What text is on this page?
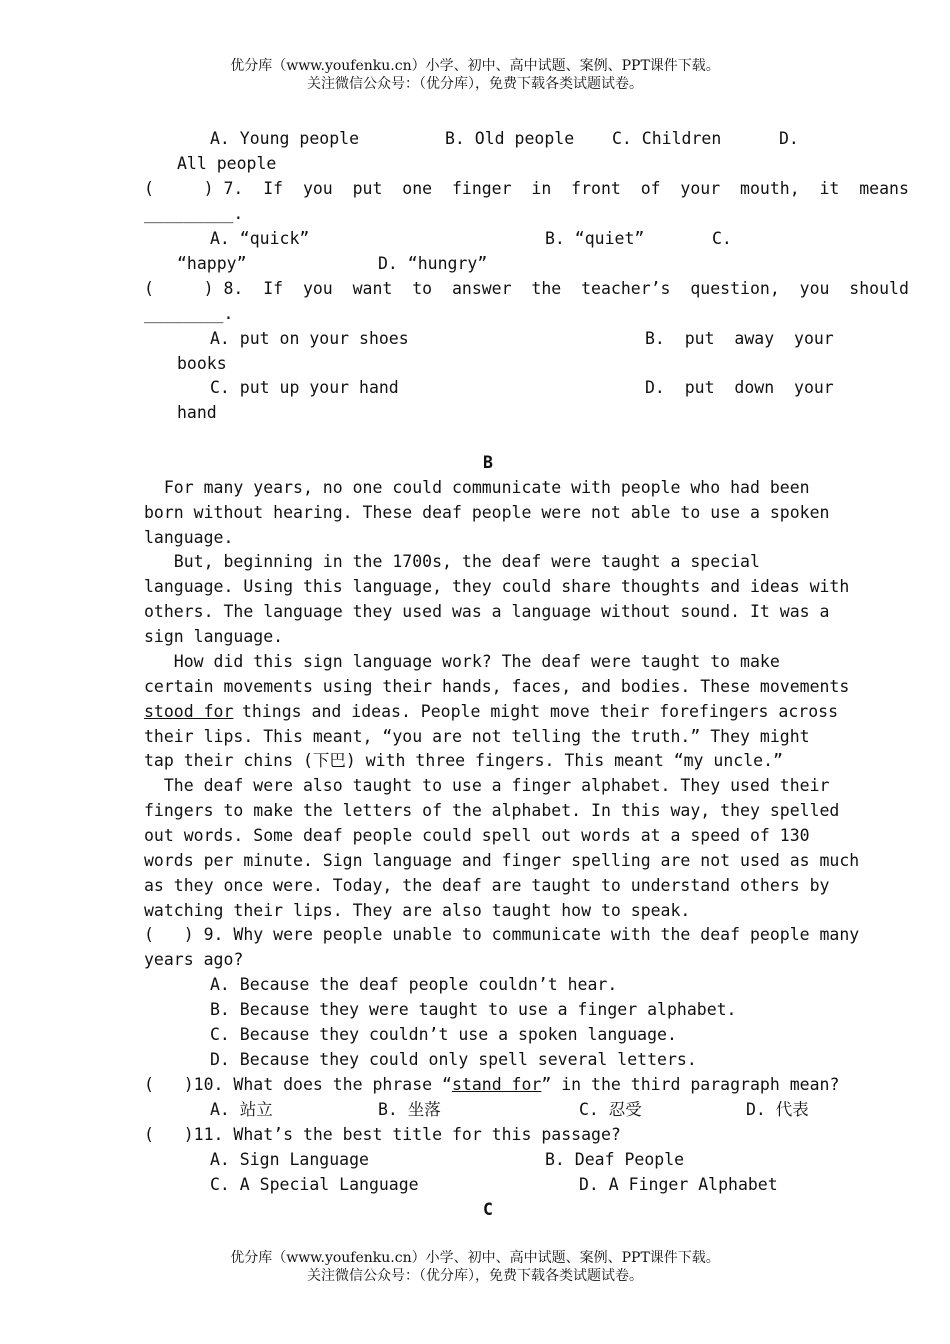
优分库（www.youfenku.cn）小学、初中、高中试题、案例、PPT课件下载。
关注微信公众号：（优分库），免费下载各类试题试卷。
A. Young people	B. Old people C. Children	D.
All people
(     ) 7.  If  you  put  one  finger  in  front  of  your  mouth,  it  means
_________.
A. “quick”	B. “quiet”	C.
“happy”	D. “hungry”
(     ) 8.  If  you  want  to  answer  the  teacher’s  question,  you  should
________.
A. put on your shoes	B.  put  away  your
books
C. put up your hand	D.  put  down  your
hand
B
For many years, no one could communicate with people who had been
born without hearing. These deaf people were not able to use a spoken
language.
But, beginning in the 1700s, the deaf were taught a special
language. Using this language, they could share thoughts and ideas with
others. The language they used was a language without sound. It was a
sign language.
How did this sign language work? The deaf were taught to make
certain movements using their hands, faces, and bodies. These movements
stood for things and ideas. People might move their forefingers across
their lips. This meant, “you are not telling the truth.” They might
tap their chins (下巴) with three fingers. This meant “my uncle.”
The deaf were also taught to use a finger alphabet. They used their
fingers to make the letters of the alphabet. In this way, they spelled
out words. Some deaf people could spell out words at a speed of 130
words per minute. Sign language and finger spelling are not used as much
as they once were. Today, the deaf are taught to understand others by
watching their lips. They are also taught how to speak.
(   ) 9. Why were people unable to communicate with the deaf people many
years ago?
A. Because the deaf people couldn’t hear.
B. Because they were taught to use a finger alphabet.
C. Because they couldn’t use a spoken language.
D. Because they could only spell several letters.
(   )10. What does the phrase “stand for” in the third paragraph mean?
A. 站立	B. 坐落	C. 忍受	D. 代表
(   )11. What’s the best title for this passage?
A. Sign Language	B. Deaf People
C. A Special Language	D. A Finger Alphabet
C
优分库（www.youfenku.cn）小学、初中、高中试题、案例、PPT课件下载。
关注微信公众号：（优分库），免费下载各类试题试卷。
